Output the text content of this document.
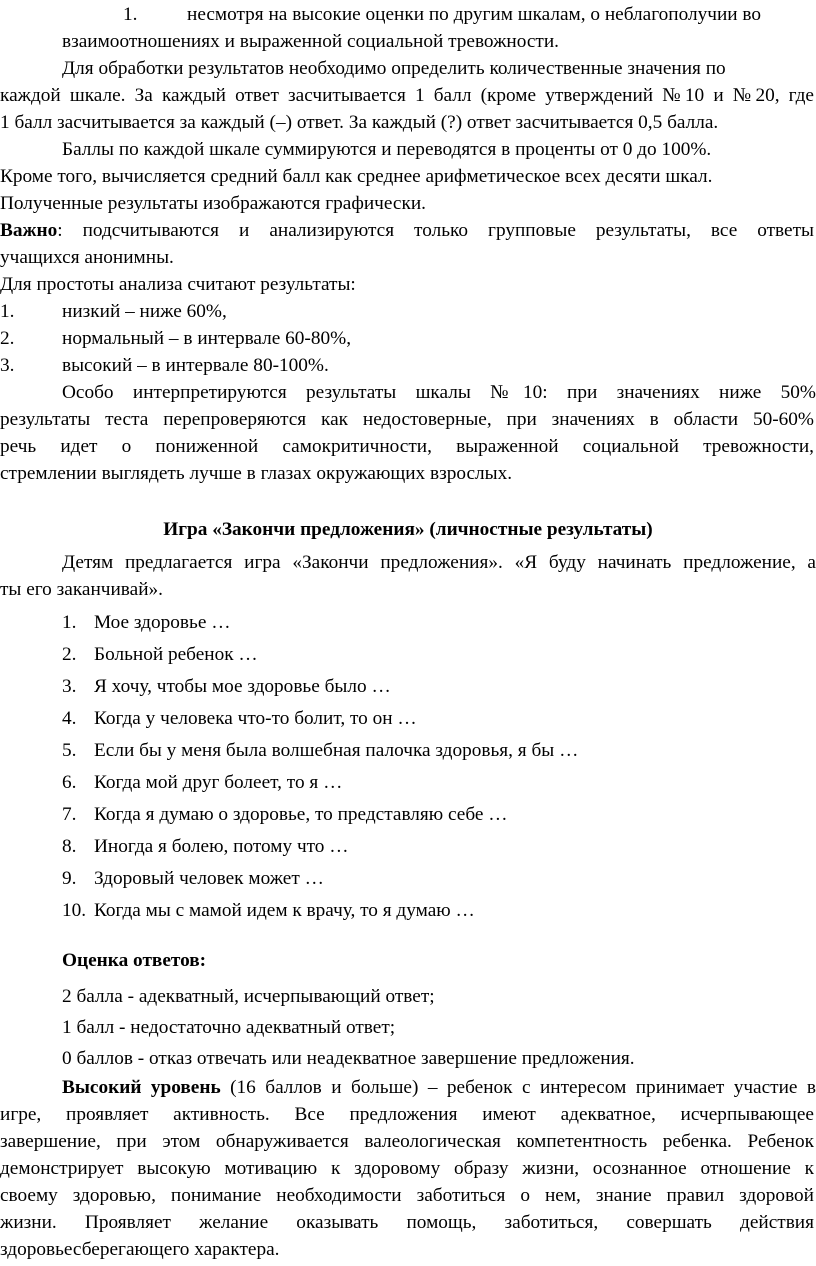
1.	несмотря на высокие оценки по другим шкалам, о неблагополучии во
взаимоотношениях и выраженной социальной тревожности.
Для обработки результатов необходимо определить количественные значения по
каждой шкале. За каждый ответ засчитывается 1 балл (кроме утверждений №10 и №20, где
1 балл засчитывается за каждый (–) ответ. За каждый (?) ответ засчитывается 0,5 балла.
Баллы по каждой шкале суммируются и переводятся в проценты от 0 до 100%.
Кроме того, вычисляется средний балл как среднее арифметическое всех десяти шкал.
Полученные результаты изображаются графически.
Важно: подсчитываются и анализируются только групповые результаты, все ответы
учащихся анонимны.
Для простоты анализа считают результаты:
1. низкий – ниже 60%,
2. нормальный – в интервале 60-80%,
3. высокий – в интервале 80-100%.
Особо интерпретируются результаты шкалы №10: при значениях ниже 50%
результаты теста перепроверяются как недостоверные, при значениях в области 50-60%
речь идет о пониженной самокритичности, выраженной социальной тревожности,
стремлении выглядеть лучше в глазах окружающих взрослых.
Игра «Закончи предложения» (личностные результаты)
Детям предлагается игра «Закончи предложения». «Я буду начинать предложение, а
ты его заканчивай».
1. Мое здоровье …
2. Больной ребенок …
3. Я хочу, чтобы мое здоровье было …
4. Когда у человека что-то болит, то он …
5. Если бы у меня была волшебная палочка здоровья, я бы …
6. Когда мой друг болеет, то я …
7. Когда я думаю о здоровье, то представляю себе …
8. Иногда я болею, потому что …
9. Здоровый человек может …
10. Когда мы с мамой идем к врачу, то я думаю …
Оценка ответов:
2 балла - адекватный, исчерпывающий ответ;
1 балл - недостаточно адекватный ответ;
0 баллов - отказ отвечать или неадекватное завершение предложения.
Высокий уровень (16 баллов и больше) – ребенок с интересом принимает участие в
игре, проявляет активность. Все предложения имеют адекватное, исчерпывающее
завершение, при этом обнаруживается валеологическая компетентность ребенка. Ребенок
демонстрирует высокую мотивацию к здоровому образу жизни, осознанное отношение к
своему здоровью, понимание необходимости заботиться о нем, знание правил здоровой
жизни. Проявляет желание оказывать помощь, заботиться, совершать действия
здоровьесберегающего характера.
